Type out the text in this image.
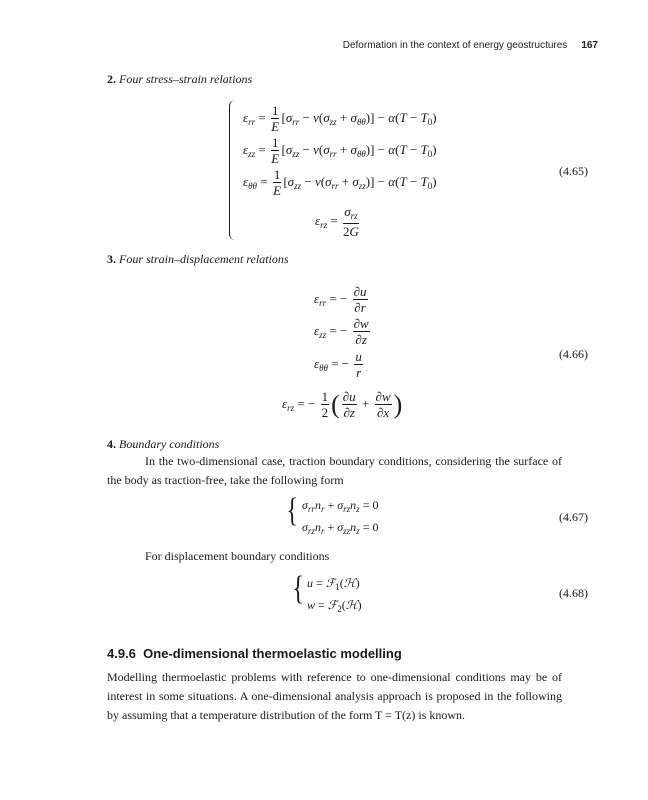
Deformation in the context of energy geostructures 167
2. Four stress–strain relations
$\varepsilon_{rr} = \frac{1}{E} [\sigma_{rr} - \nu(\sigma_{zz} + \sigma_{\theta\theta})] - \alpha(T - T_0)$
$\varepsilon_{zz} = \frac{1}{E} [\sigma_{zz} - \nu(\sigma_{rr} + \sigma_{\theta\theta})] - \alpha(T - T_0)$
$\varepsilon_{\theta\theta} = \frac{1}{E} [\sigma_{zz} - \nu(\sigma_{rr} + \sigma_{zz})] - \alpha(T - T_0)$
$\varepsilon_{rz} = \frac{\sigma_{rz}}{2G}$
(4.65)
3. Four strain–displacement relations
$\varepsilon_{rr}$ = − $\frac{\partial u}{\partial r}$
$\varepsilon_{zz}$ = − $\frac{\partial w}{\partial z}$
$\varepsilon_{\theta\theta}$ = − $\frac{u}{r}$
$\varepsilon_{rz}$ = − $\frac{1}{2}$ ( $\frac{\partial u}{\partial z} + \frac{\partial w}{\partial x}$ )
(4.66)
4. Boundary conditions
In the two-dimensional case, traction boundary conditions, considering the surface of the body as traction-free, take the following form
{ $\sigma_{rr}n_r + \sigma_{rz}n_z = 0$
$\sigma_{rz}n_r + \sigma_{zz}n_z = 0$
(4.67)
For displacement boundary conditions
{ u = ℱ$_1$(ℋ)
w = ℱ$_2$(ℋ)
(4.68)
4.9.6 One-dimensional thermoelastic modelling
Modelling thermoelastic problems with reference to one-dimensional conditions may be of interest in some situations. A one-dimensional analysis approach is proposed in the following by assuming that a temperature distribution of the form T = T(z) is known.
